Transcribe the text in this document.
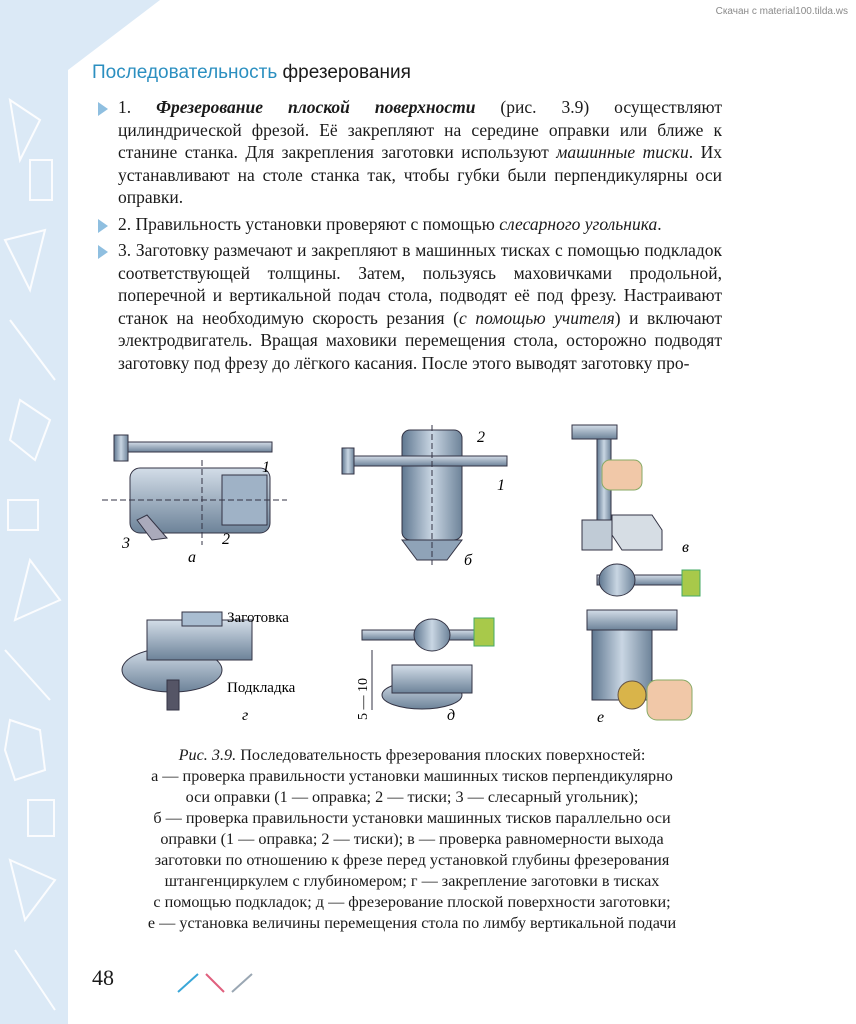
Скачан с material100.tilda.ws
Последовательность фрезерования
1. Фрезерование плоской поверхности (рис. 3.9) осуществляют цилиндрической фрезой. Её закрепляют на середине оправки или ближе к станине станка. Для закрепления заготовки используют машинные тиски. Их устанавливают на столе станка так, чтобы губки были перпендикулярны оси оправки.
2. Правильность установки проверяют с помощью слесарного угольника.
3. Заготовку размечают и закрепляют в машинных тисках с помощью подкладок соответствующей толщины. Затем, пользуясь маховичками продольной, поперечной и вертикальной подач стола, подводят её под фрезу. Настраивают станок на необходимую скорость резания (с помощью учителя) и включают электродвигатель. Вращая маховики перемещения стола, осторожно подводят заготовку под фрезу до лёгкого касания. После этого выводят заготовку про-
а
1
2
3
б
2
1
в
Заготовка
Подкладка
г	5 — 10	д	е
Рис. 3.9. Последовательность фрезерования плоских поверхностей:
а — проверка правильности установки машинных тисков перпендикулярно
оси оправки (1 — оправка; 2 — тиски; 3 — слесарный угольник);
б — проверка правильности установки машинных тисков параллельно оси
оправки (1 — оправка; 2 — тиски); в — проверка равномерности выхода
заготовки по отношению к фрезе перед установкой глубины фрезерования
штангенциркулем с глубиномером; г — закрепление заготовки в тисках
с помощью подкладок; д — фрезерование плоской поверхности заготовки;
е — установка величины перемещения стола по лимбу вертикальной подачи
48
